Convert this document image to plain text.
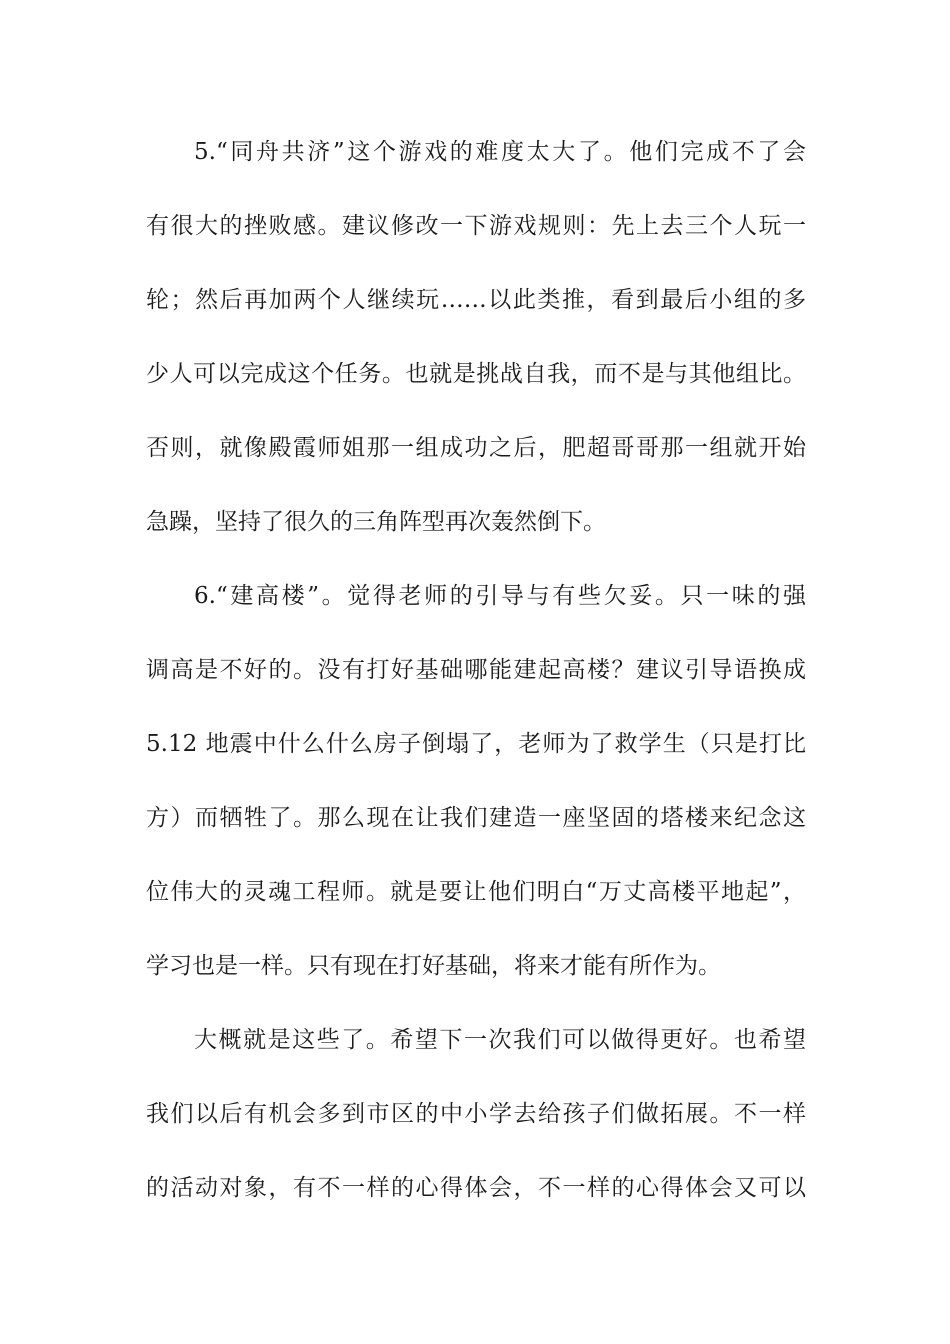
5.“同舟共济”这个游戏的难度太大了。他们完成不了会
有很大的挫败感。建议修改一下游戏规则：先上去三个人玩一
轮；然后再加两个人继续玩……以此类推，看到最后小组的多
少人可以完成这个任务。也就是挑战自我，而不是与其他组比。
否则，就像殿霞师姐那一组成功之后，肥超哥哥那一组就开始
急躁，坚持了很久的三角阵型再次轰然倒下。
6.“建高楼”。觉得老师的引导与有些欠妥。只一味的强
调高是不好的。没有打好基础哪能建起高楼？建议引导语换成
5.12 地震中什么什么房子倒塌了，老师为了救学生（只是打比
方）而牺牲了。那么现在让我们建造一座坚固的塔楼来纪念这
位伟大的灵魂工程师。就是要让他们明白“万丈高楼平地起”，
学习也是一样。只有现在打好基础，将来才能有所作为。
大概就是这些了。希望下一次我们可以做得更好。也希望
我们以后有机会多到市区的中小学去给孩子们做拓展。不一样
的活动对象，有不一样的心得体会，不一样的心得体会又可以
